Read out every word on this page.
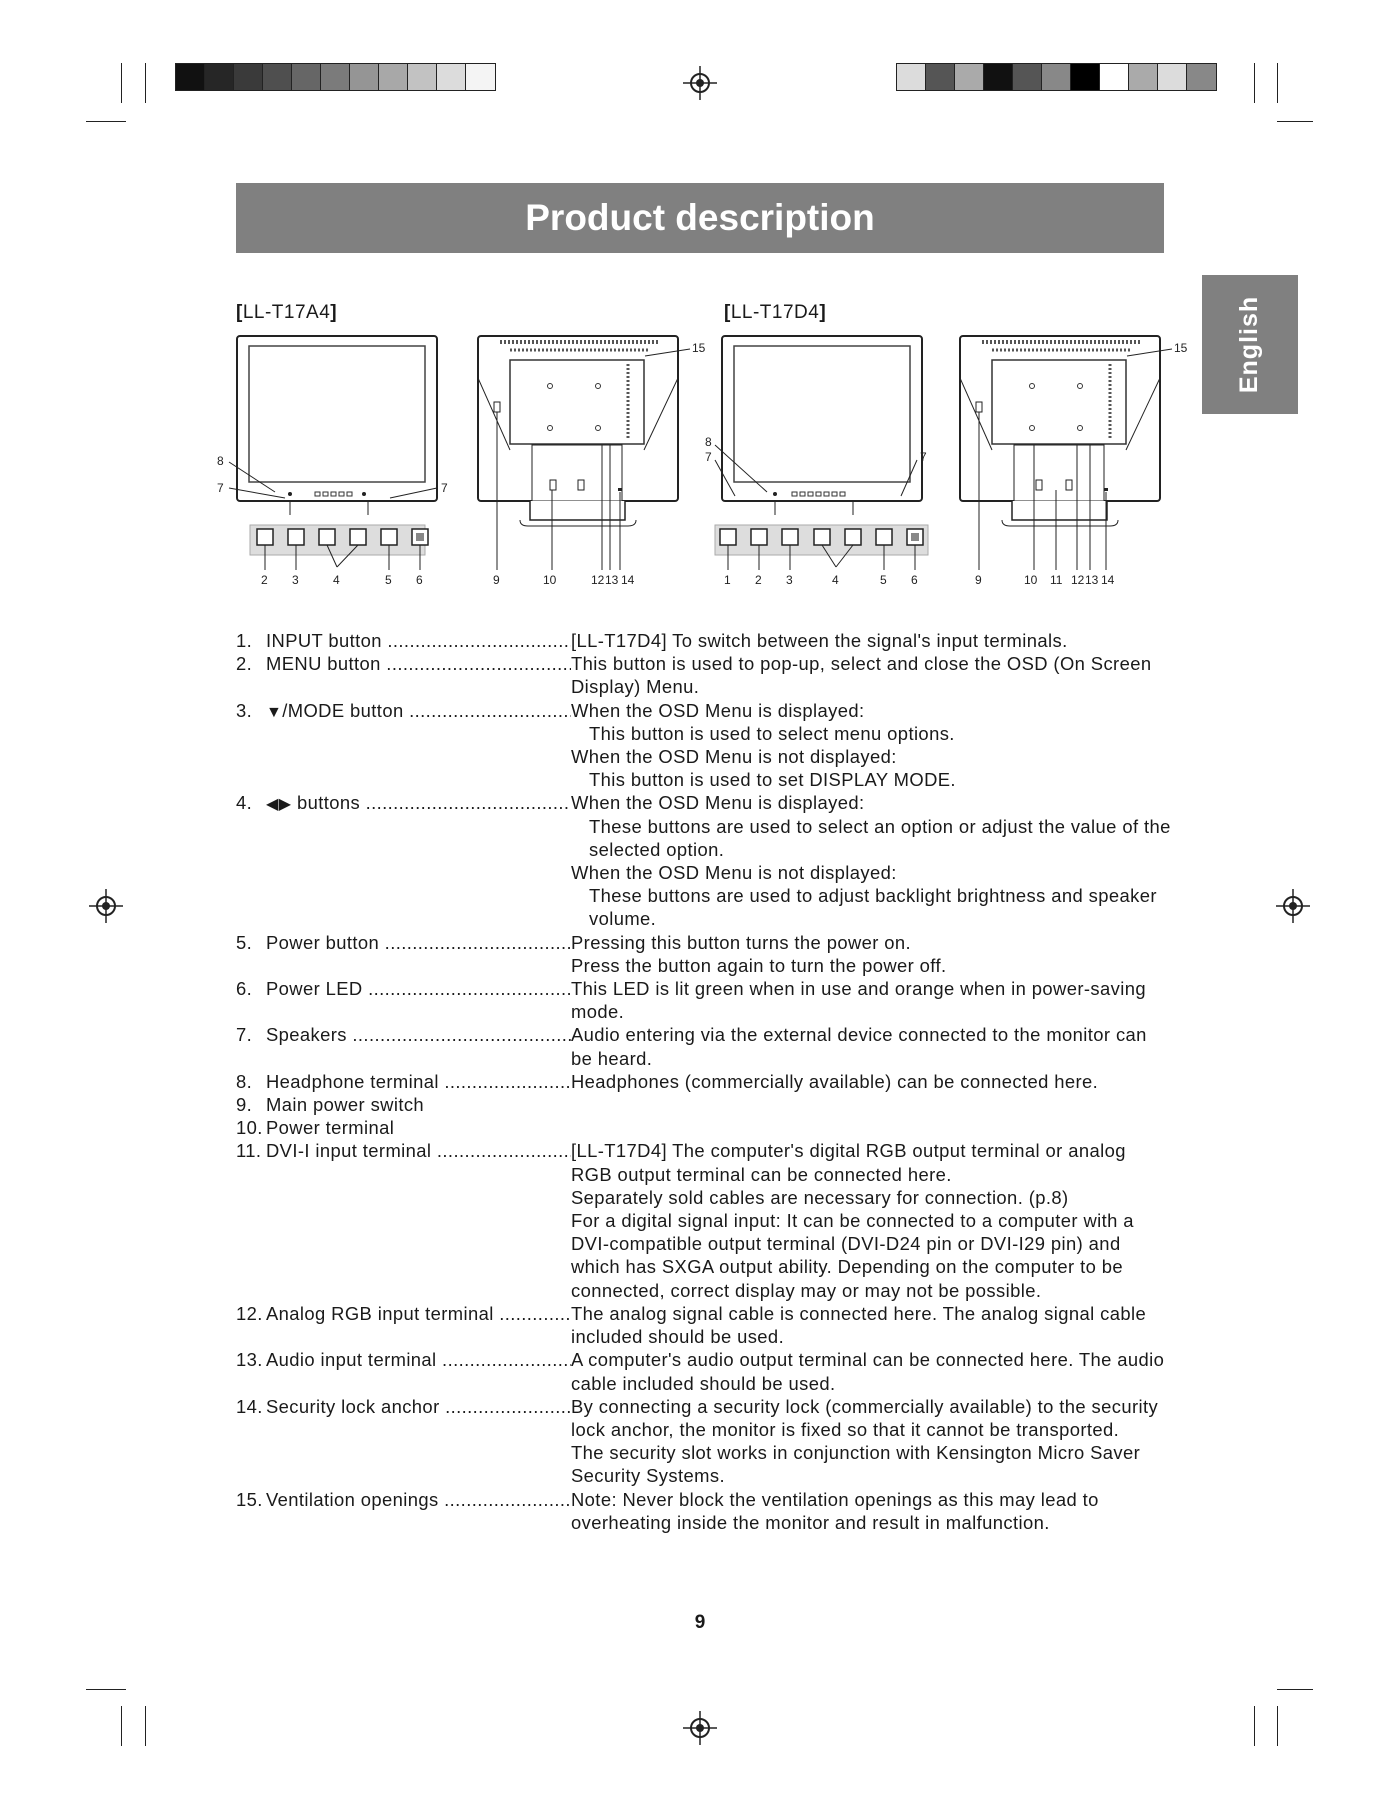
Product description
English
[LL-T17A4]	[LL-T17D4]
8
7	7
2 3	4	5 6	9	10	12 13 14
15
8
7	7
1 2 3	4	5 6	9	10 11 12 13 14
15
1. INPUT button .....	[LL-T17D4] To switch between the signal's input terminals.
2. MENU button .....	This button is used to pop-up, select and close the OSD (On Screen
Display) Menu.
3. ▼/MODE button .....	When the OSD Menu is displayed:
This button is used to select menu options.
When the OSD Menu is not displayed:
This button is used to set DISPLAY MODE.
4. ◀▶ buttons .....	When the OSD Menu is displayed:
These buttons are used to select an option or adjust the value of the
selected option.
When the OSD Menu is not displayed:
These buttons are used to adjust backlight brightness and speaker
volume.
5. Power button .....	Pressing this button turns the power on.
Press the button again to turn the power off.
6. Power LED .....	This LED is lit green when in use and orange when in power-saving
mode.
7. Speakers .....	Audio entering via the external device connected to the monitor can
be heard.
8. Headphone terminal .....	Headphones (commercially available) can be connected here.
9. Main power switch
10. Power terminal
11. DVI-I input terminal .....	[LL-T17D4] The computer's digital RGB output terminal or analog
RGB output terminal can be connected here.
Separately sold cables are necessary for connection. (p.8)
For a digital signal input: It can be connected to a computer with a
DVI-compatible output terminal (DVI-D24 pin or DVI-I29 pin) and
which has SXGA output ability. Depending on the computer to be
connected, correct display may or may not be possible.
12. Analog RGB input terminal .....	The analog signal cable is connected here. The analog signal cable
included should be used.
13. Audio input terminal .....	A computer's audio output terminal can be connected here. The audio
cable included should be used.
14. Security lock anchor .....	By connecting a security lock (commercially available) to the security
lock anchor, the monitor is fixed so that it cannot be transported.
The security slot works in conjunction with Kensington Micro Saver
Security Systems.
15. Ventilation openings .....	Note: Never block the ventilation openings as this may lead to
overheating inside the monitor and result in malfunction.
9
